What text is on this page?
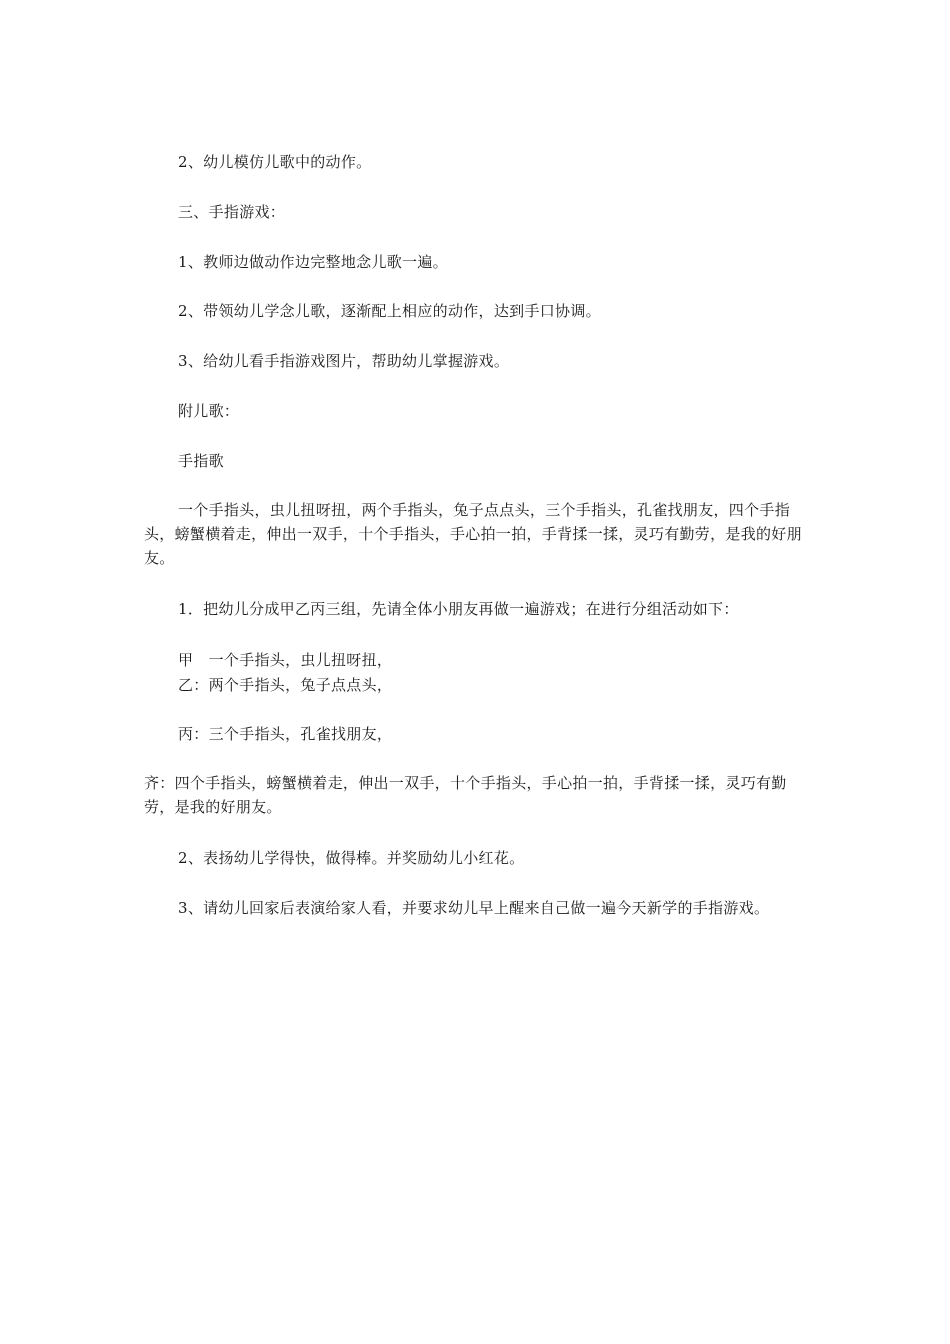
2、幼儿模仿儿歌中的动作。

三、手指游戏：

1、教师边做动作边完整地念儿歌一遍。

2、带领幼儿学念儿歌，逐渐配上相应的动作，达到手口协调。

3、给幼儿看手指游戏图片，帮助幼儿掌握游戏。

附儿歌：

手指歌

一个手指头，虫儿扭呀扭，两个手指头，兔子点点头，三个手指头，孔雀找朋友，四个手指头，螃蟹横着走，伸出一双手，十个手指头，手心拍一拍，手背揉一揉，灵巧有勤劳，是我的好朋友。

1．把幼儿分成甲乙丙三组，先请全体小朋友再做一遍游戏；在进行分组活动如下：

甲　一个手指头，虫儿扭呀扭，

乙：两个手指头，兔子点点头，

丙：三个手指头，孔雀找朋友，

齐：四个手指头，螃蟹横着走，伸出一双手，十个手指头，手心拍一拍，手背揉一揉，灵巧有勤劳，是我的好朋友。

2、表扬幼儿学得快，做得棒。并奖励幼儿小红花。

3、请幼儿回家后表演给家人看，并要求幼儿早上醒来自己做一遍今天新学的手指游戏。
